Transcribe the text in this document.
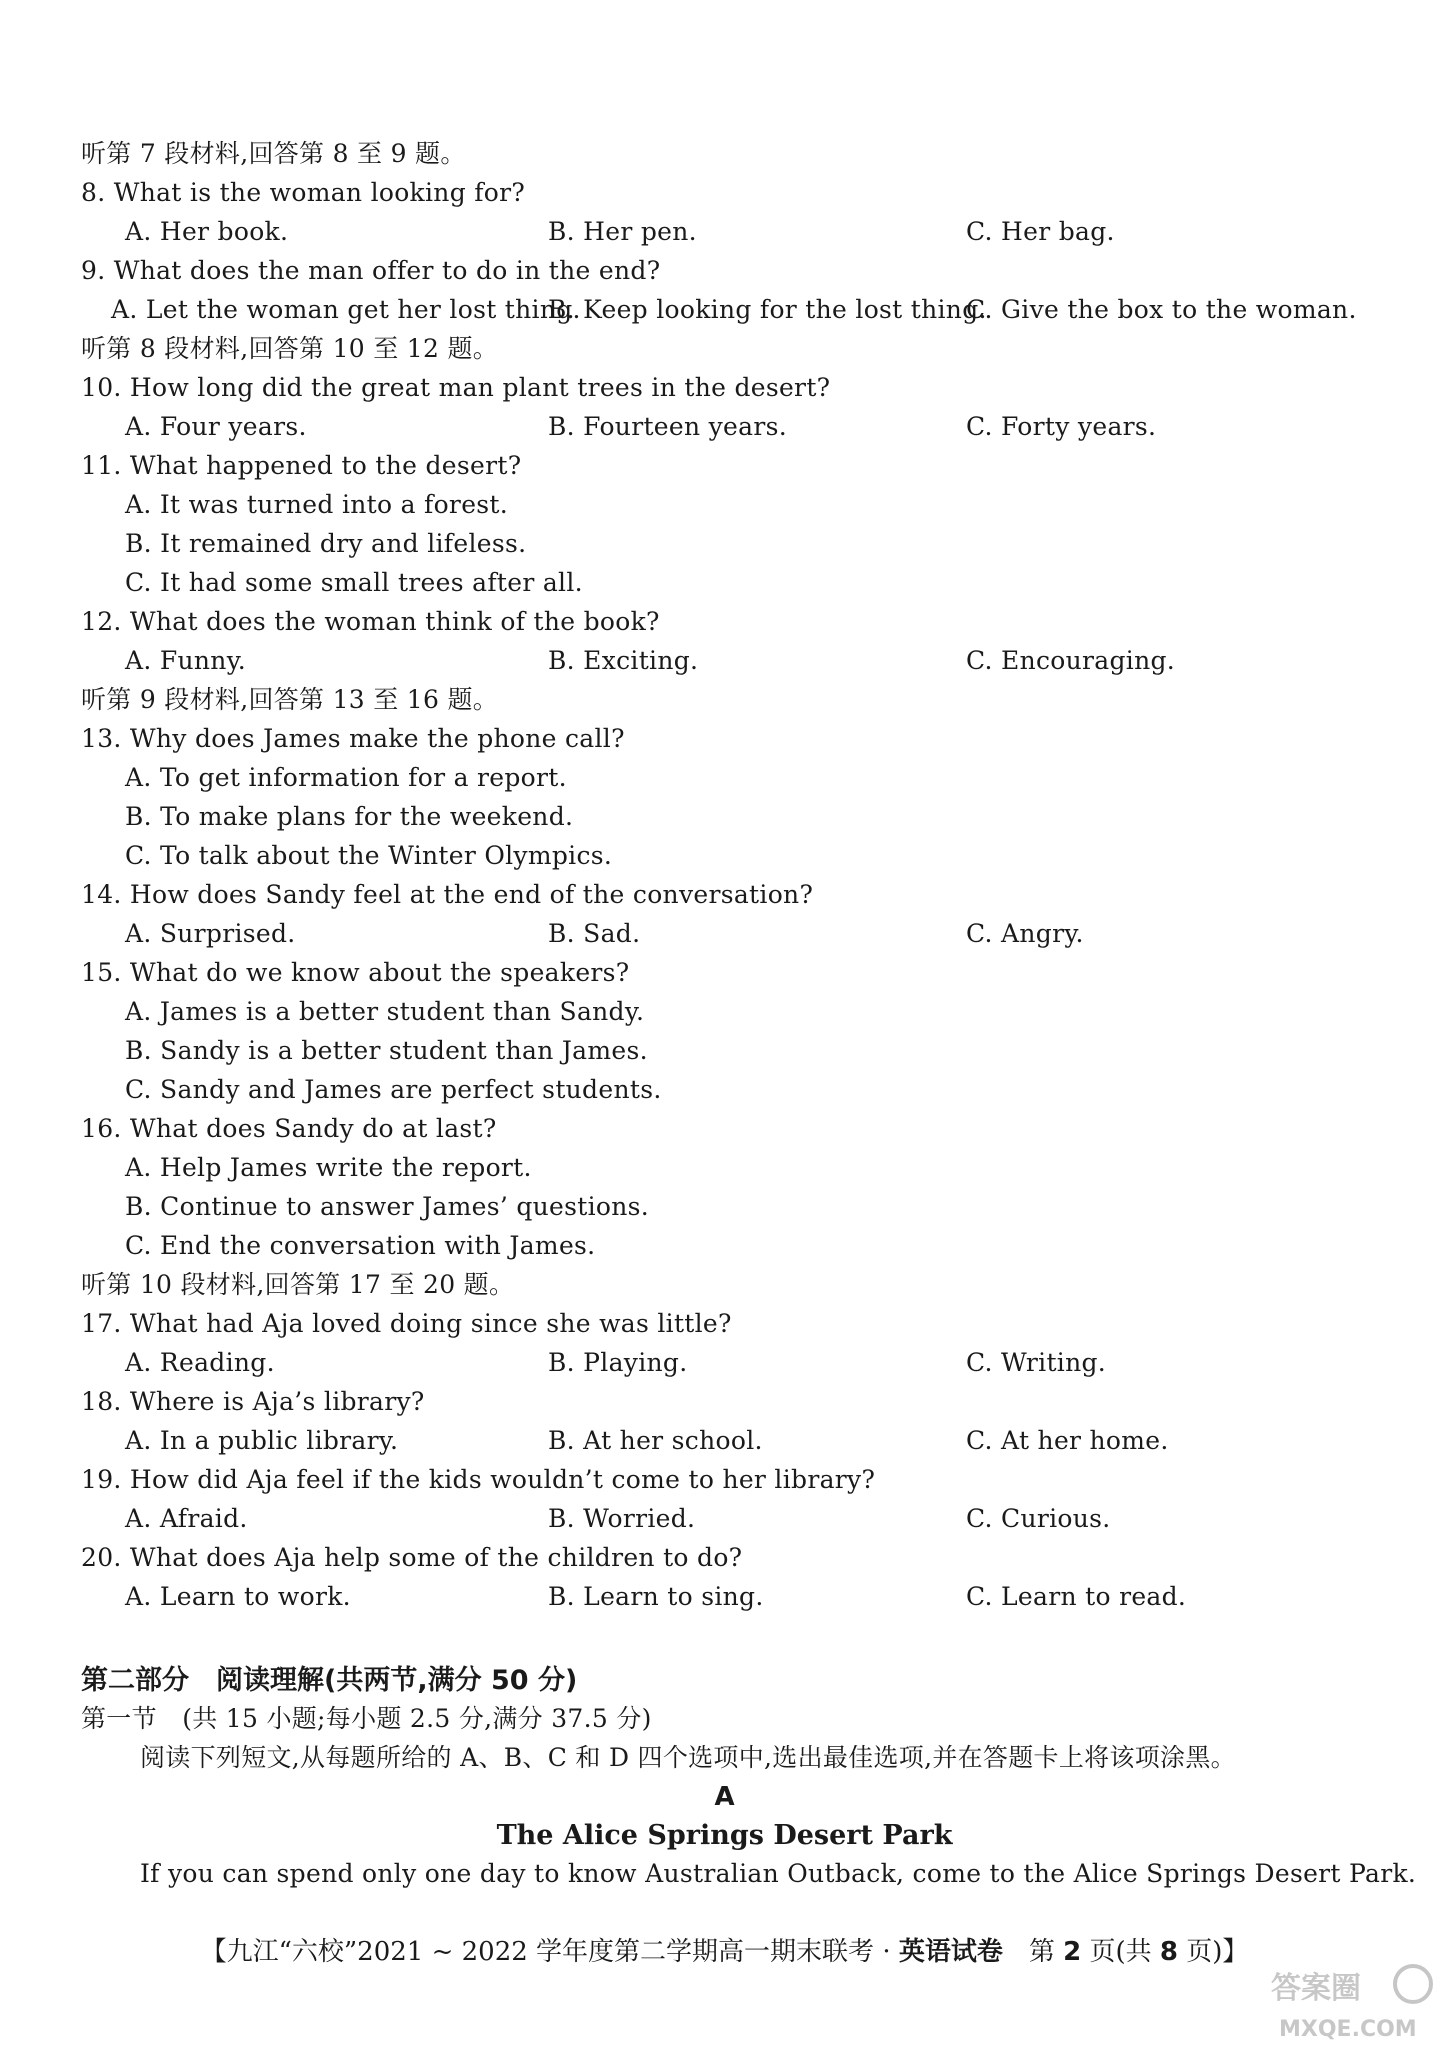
听第 7 段材料,回答第 8 至 9 题。
8. What is the woman looking for?
A. Her book.	B. Her pen.	C. Her bag.
9. What does the man offer to do in the end?
A. Let the woman get her lost thing.
B. Keep looking for the lost thing.
C. Give the box to the woman.
听第 8 段材料,回答第 10 至 12 题。
10. How long did the great man plant trees in the desert?
A. Four years.	B. Fourteen years.	C. Forty years.
11. What happened to the desert?
A. It was turned into a forest.
B. It remained dry and lifeless.
C. It had some small trees after all.
12. What does the woman think of the book?
A. Funny.	B. Exciting.	C. Encouraging.
听第 9 段材料,回答第 13 至 16 题。
13. Why does James make the phone call?
A. To get information for a report.
B. To make plans for the weekend.
C. To talk about the Winter Olympics.
14. How does Sandy feel at the end of the conversation?
A. Surprised.	B. Sad.	C. Angry.
15. What do we know about the speakers?
A. James is a better student than Sandy.
B. Sandy is a better student than James.
C. Sandy and James are perfect students.
16. What does Sandy do at last?
A. Help James write the report.
B. Continue to answer James’ questions.
C. End the conversation with James.
听第 10 段材料,回答第 17 至 20 题。
17. What had Aja loved doing since she was little?
A. Reading.	B. Playing.	C. Writing.
18. Where is Aja’s library?
A. In a public library.	B. At her school.	C. At her home.
19. How did Aja feel if the kids wouldn’t come to her library?
A. Afraid.	B. Worried.	C. Curious.
20. What does Aja help some of the children to do?
A. Learn to work.	B. Learn to sing.	C. Learn to read.
第二部分　阅读理解(共两节,满分 50 分)
第一节　(共 15 小题;每小题 2.5 分,满分 37.5 分)
阅读下列短文,从每题所给的 A、B、C 和 D 四个选项中,选出最佳选项,并在答题卡上将该项涂黑。
A
The Alice Springs Desert Park
If you can spend only one day to know Australian Outback, come to the Alice Springs Desert Park.
【九江“六校”2021 ~ 2022 学年度第二学期高一期末联考 · 英语试卷　第 2 页(共 8 页)】
答案圈
MXQE.COM
